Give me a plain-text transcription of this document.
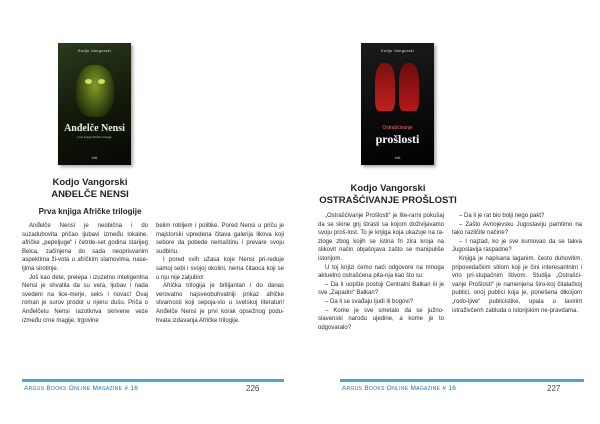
Kodjo Vangorski
Anđelče Nensi
prva knjiga Afričke trilogije
elA
Kodjo Vangorski
ANĐELČE NENSI
Prva knjiga Afričke trilogije

Anđelče Nensi je neobična i do suzadubovita pričao ljubavi između lokalne, afričke „pepeljuge“ i četrde-set godina starijeg Belca, začinjena do sada neoprisvanim aspektima ži-vota u afričkim slamovima, nase-ljima sirotinje.

Još kao dete, prelepa i izuzetno inteligentna Nensi je shvatila da su vera, ljubav i nada svedeni na lice-merje, seks i novac! Ovaj roman je surov prodor u njenu dušu. Priča o Anđelčetu Nensi razotkriva skrivene veze između crne magije, trgovine

belim robljem i politike. Pored Nensi u priču je majstorski upredena čitava galerija likova koji sebore da pobede nemaštinu i prevare svoju sudbinu.

I pored svih užasa koje Nensi pri-reduje samoj sebi i svojoj okolini, nema čitaoca koji se u nju nije zaljubio!

Afrička trilogija je brilijantan i do danas verovatno najsveobuhvatniji prikaz afričke stvarnosti koji sepoja-vio u svetskoj literaturi! Anđelče Nensi je prvi korak opsežnog podu-hvata izdavanja Afričke trilogije.

Argus Books Online Magazine # 16	226
Kodjo Vangorski
Ostrašćivanje
prošlosti
elA
Kodjo Vangorski
OSTRAŠĆIVANJE PROŠLOSTI

„Ostrašćivanje Prošlosti“ je lite-rarni pokušaj da se skine gnj štrasti sa kojom doživljavamo svoju proš-lost. To je knjiga koja ukazuje na ra-zloge zbog kojih se istina fri zira kroja na slikovit način objašnjava zašto se manipuliše istorijom.

U toj knjizi ćemo naći odgovore na mnoga aktuelno ostrašćena pita-nja kao što su:

– Da li uopšte postoji Centralni Balkan ili je sve „Zapadni“ Balkan?

– Da li se svađaju ljudi ili bogovi?

– Kome je sve smetalo da se južno-slavenski narodu ujedine, a kome je to odgovaralo?

– Da li je rat bio bolji nego pakt?

– Zašto Avnojevsku Jugoslaviju pamtimo na tako različite načine?

– I najzad, ko je sve kumovao da se takva Jugoslavija raspadne?

Knjiga je napisana laganim, često duhovitim, pripovedačkim stilom koji je čini interesantnim i vrlo pri-stupačnim štivom. Studija „Ostrašći-vanje Prošlosti“ je namenjena širo-koj čitalačkoj publici, onoj publici koja je, ponešena dikcijom „rodo-ljive“ publicistike, upala u lavirint istraživčenh zabluda o istorijskim ne-pravdama.

Argus Books Online Magazine # 16	227
